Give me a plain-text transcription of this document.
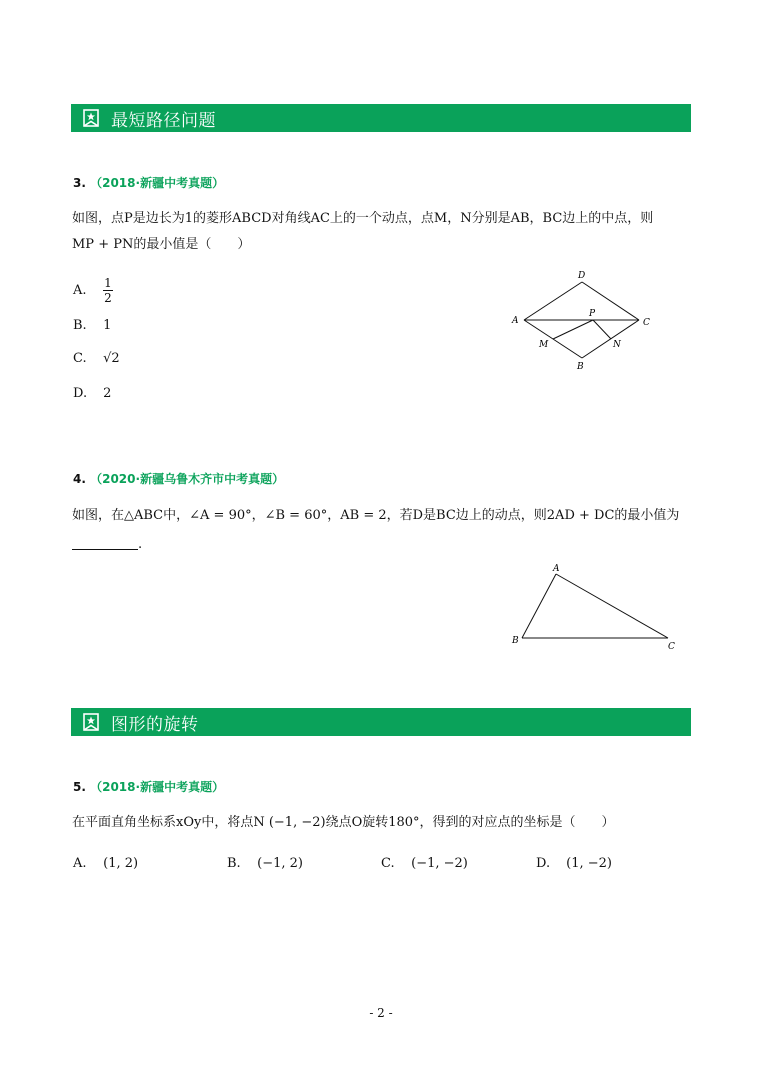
最短路径问题
3. （2018·新疆中考真题）
如图，点P是边长为1的菱形ABCD对角线AC上的一个动点，点M，N分别是AB，BC边上的中点，则
MP + PN的最小值是（　　）
A. $\frac{1}{2}$
B. 1
C. √2
D. 2
D
A	C
B
M	N
P
4. （2020·新疆乌鲁木齐市中考真题）
如图，在△ABC中，∠A = 90°，∠B = 60°，AB = 2，若D是BC边上的动点，则2AD + DC的最小值为
.
A
B
C
图形的旋转
5. （2018·新疆中考真题）
在平面直角坐标系xOy中，将点N (−1, −2)绕点O旋转180°，得到的对应点的坐标是（　　）
A. (1, 2)	B. (−1, 2)	C. (−1, −2)	D. (1, −2)
- 2 -
